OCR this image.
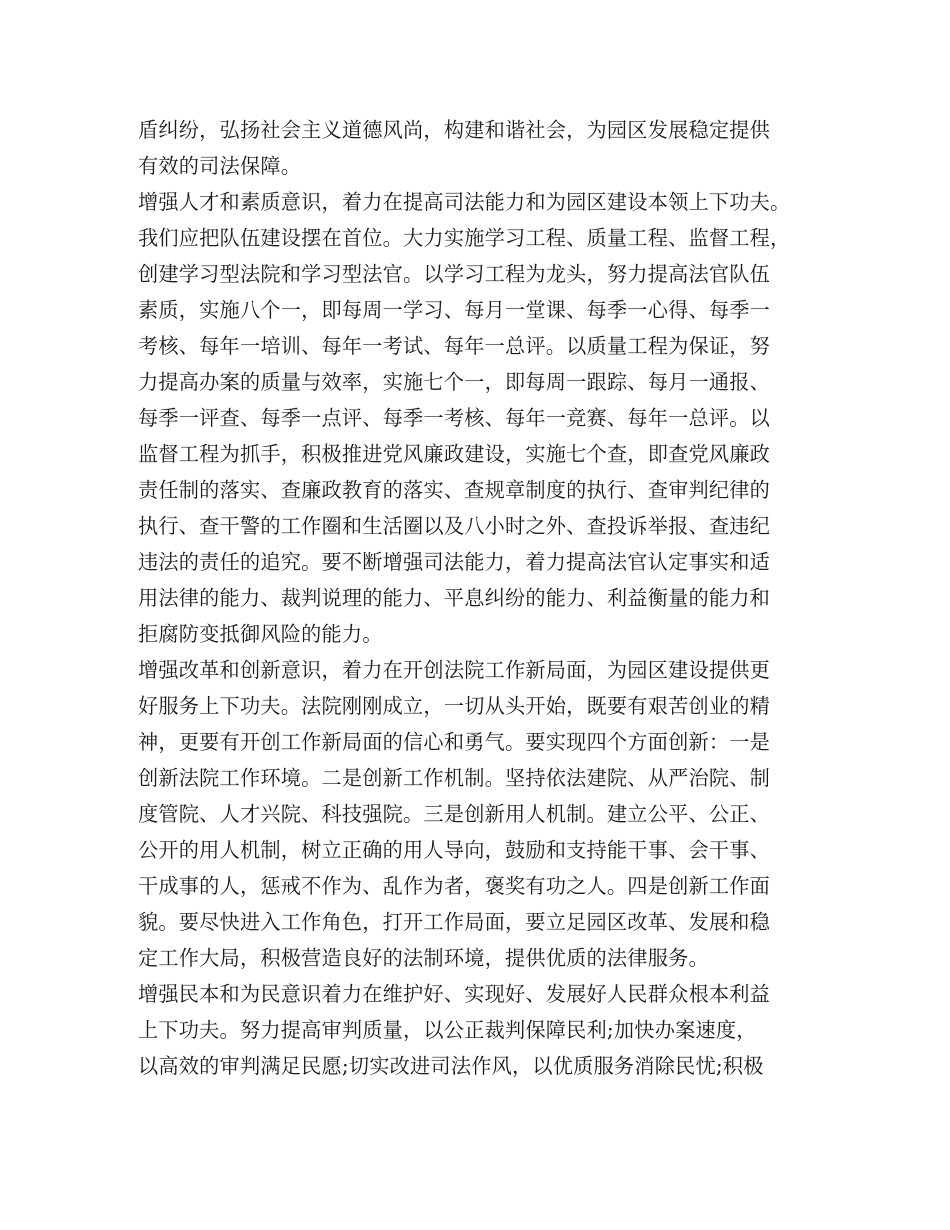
盾纠纷，弘扬社会主义道德风尚，构建和谐社会，为园区发展稳定提供
有效的司法保障。
增强人才和素质意识，着力在提高司法能力和为园区建设本领上下功夫。
我们应把队伍建设摆在首位。大力实施学习工程、质量工程、监督工程，
创建学习型法院和学习型法官。以学习工程为龙头，努力提高法官队伍
素质，实施八个一，即每周一学习、每月一堂课、每季一心得、每季一
考核、每年一培训、每年一考试、每年一总评。以质量工程为保证，努
力提高办案的质量与效率，实施七个一，即每周一跟踪、每月一通报、
每季一评查、每季一点评、每季一考核、每年一竞赛、每年一总评。以
监督工程为抓手，积极推进党风廉政建设，实施七个查，即查党风廉政
责任制的落实、查廉政教育的落实、查规章制度的执行、查审判纪律的
执行、查干警的工作圈和生活圈以及八小时之外、查投诉举报、查违纪
违法的责任的追究。要不断增强司法能力，着力提高法官认定事实和适
用法律的能力、裁判说理的能力、平息纠纷的能力、利益衡量的能力和
拒腐防变抵御风险的能力。
增强改革和创新意识，着力在开创法院工作新局面，为园区建设提供更
好服务上下功夫。法院刚刚成立，一切从头开始，既要有艰苦创业的精
神，更要有开创工作新局面的信心和勇气。要实现四个方面创新：一是
创新法院工作环境。二是创新工作机制。坚持依法建院、从严治院、制
度管院、人才兴院、科技强院。三是创新用人机制。建立公平、公正、
公开的用人机制，树立正确的用人导向，鼓励和支持能干事、会干事、
干成事的人，惩戒不作为、乱作为者，褒奖有功之人。四是创新工作面
貌。要尽快进入工作角色，打开工作局面，要立足园区改革、发展和稳
定工作大局，积极营造良好的法制环境，提供优质的法律服务。
增强民本和为民意识着力在维护好、实现好、发展好人民群众根本利益
上下功夫。努力提高审判质量，以公正裁判保障民利;加快办案速度，
以高效的审判满足民愿;切实改进司法作风，以优质服务消除民忧;积极
